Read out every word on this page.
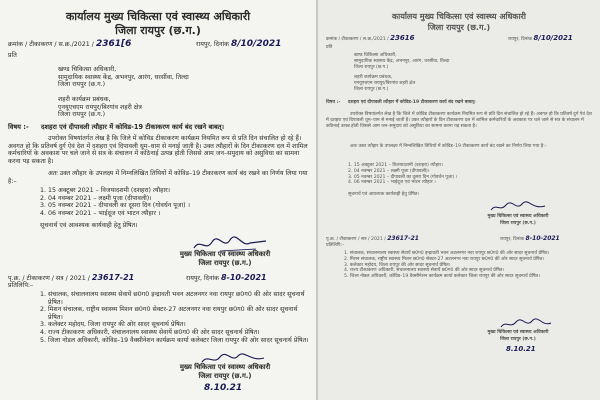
कार्यालय मुख्य चिकित्सा एवं स्वास्थ्य अधिकारी
जिला रायपुर (छ.ग.)
क्रमांक / टीकाकरण / स.क्र./2021 / 2361[6	रायपुर, दिनांक 8/10/2021
प्रति
खण्ड चिकित्सा अधिकारी,
सामुदायिक स्वास्थ्य केंद्र, अभनपुर, आरंग, धरसींवा, तिल्दा
जिला रायपुर (छ.ग.)
शहरी कार्यक्रम प्रबंधक,
एनयूएचएम रायपुर/बिरगांव शहरी क्षेत्र
जिला रायपुर (छ.ग.)
विषय :- दशहरा एवं दीपावली त्यौहार में कोविड-19 टीकाकरण कार्य बंद रखने बाबत्।
उपरोक्त विषयांतर्गत लेख है कि जिले में कोविड टीकाकरण कार्यक्रम नियमित रूप से प्रति दिन संचालित हो रहे हैं। अवगत हो कि प्रतिवर्ष दुर्ग ऐवं देश में दशहरा एवं दिपावली धूम–धाम से मनाई जाती है। उक्त त्यौहारों के दिन टीकाकरण दल में शामिल कर्मचारियों के अवकाश पर चले जाने से सत्र के संचालन में कठिनाई उत्पन्न होती जिससे आम जन–समुदाय को असुविधा का सामना करना पड़ सकता है।
अतः उक्त त्यौहार के उपलक्ष्य में निम्नलिखित तिथियों में कोविड–19 टीकाकरण कार्य बंद रखने का निर्णय लिया गया है:–
1. 15 अक्टूबर 2021 – विजयादशमी (दशहरा) त्यौहार।
2. 04 नवम्बर 2021 – लक्ष्मी पूजा (दीपावली)।
3. 05 नवम्बर 2021 – दीपावली का दूसरा दिन (गोवर्धन पूजा) ।
4. 06 नवम्बर 2021 – भाईदूज एवं भाटन त्यौहार ।
सूचनार्थ एवं आवश्यक कार्यवाही हेतु प्रेषित।
मुख्य चिकित्सा एवं स्वास्थ्य अधिकारी
जिला रायपुर (छ.ग.)
पृ.क्र. / टीकाकरण / सत्र / 2021 / 23617-21	रायपुर, दिनांक 8-10-2021
प्रतिलिपि:–
1. संचालक, संचालनालय स्वास्थ्य सेवायें छ0ग0 इन्द्रावती भवन अटलनगर नवा रायपुर छ0ग0 की ओर सादर सूचनार्थ प्रेषित।
2. मिशन संचालक, राष्ट्रीय स्वास्थ्य मिशन छ0ग0 सेक्टर-27 अटलनगर नवा रायपुर छ0ग0 की ओर सादर सूचनार्थ प्रेषित।
3. कलेक्टर महोदय, जिला रायपुर की ओर सादर सूचनार्थ प्रेषित।
4. राज्य टीकाकरण अधिकारी, संचालनालय स्वास्थ्य सेवायें छ0ग0 की ओर सादर सूचनार्थ प्रेषित।
5. जिला नोडल अधिकारी, कोविड–19 वैक्सीनेशन कार्यक्रम कार्या कलेक्टर जिला रायपुर की ओर सादर सूचनार्थ प्रेषित।
मुख्य चिकित्सा एवं स्वास्थ्य अधिकारी
जिला रायपुर (छ.ग.)
8.10.21
कार्यालय मुख्य चिकित्सा एवं स्वास्थ्य अधिकारी
जिला रायपुर (छ.ग.)
क्रमांक / टीकाकरण / स.क्र./2021 / 23616	रायपुर, दिनांक 8/10/2021
प्रति
खण्ड चिकित्सा अधिकारी,
सामुदायिक स्वास्थ्य केंद्र, अभनपुर, आरंग, धरसींवा, तिल्दा
जिला रायपुर (छ.ग.)
शहरी कार्यक्रम प्रबंधक,
एनयूएचएम रायपुर/बिरगांव शहरी क्षेत्र
जिला रायपुर (छ.ग.)
विषय :- दशहरा एवं दीपावली त्यौहार में कोविड-19 टीकाकरण कार्य बंद रखने बाबत्।
उपरोक्त विषयांतर्गत लेख है कि जिले में कोविड टीकाकरण कार्यक्रम नियमित रूप से प्रति दिन संचालित हो रहे हैं। अवगत हो कि प्रतिवर्ष दुर्ग ऐवं देश में दशहरा एवं दिपावली धूम–धाम से मनाई जाती है। उक्त त्यौहारों के दिन टीकाकरण दल में शामिल कर्मचारियों के अवकाश पर चले जाने से सत्र के संचालन में कठिनाई उत्पन्न होती जिससे आम जन–समुदाय को असुविधा का सामना करना पड़ सकता है।
अतः उक्त त्यौहार के उपलक्ष्य में निम्नलिखित तिथियों में कोविड–19 टीकाकरण कार्य बंद रखने का निर्णय लिया गया है:–
1. 15 अक्टूबर 2021 – विजयादशमी (दशहरा) त्यौहार।
2. 04 नवम्बर 2021 – लक्ष्मी पूजा (दीपावली)।
3. 05 नवम्बर 2021 – दीपावली का दूसरा दिन (गोवर्धन पूजा) ।
4. 06 नवम्बर 2021 – भाईदूज एवं भाटन त्यौहार ।
सूचनार्थ एवं आवश्यक कार्यवाही हेतु प्रेषित।
मुख्य चिकित्सा एवं स्वास्थ्य अधिकारी
जिला रायपुर (छ.ग.)
पृ.क्र. / टीकाकरण / सत्र / 2021 / 23617-21	रायपुर, दिनांक 8-10-2021
प्रतिलिपि:–
1. संचालक, संचालनालय स्वास्थ्य सेवायें छ0ग0 इन्द्रावती भवन अटलनगर नवा रायपुर छ0ग0 की ओर सादर सूचनार्थ प्रेषित।
2. मिशन संचालक, राष्ट्रीय स्वास्थ्य मिशन छ0ग0 सेक्टर-27 अटलनगर नवा रायपुर छ0ग0 की ओर सादर सूचनार्थ प्रेषित।
3. कलेक्टर महोदय, जिला रायपुर की ओर सादर सूचनार्थ प्रेषित।
4. राज्य टीकाकरण अधिकारी, संचालनालय स्वास्थ्य सेवायें छ0ग0 की ओर सादर सूचनार्थ प्रेषित।
5. जिला नोडल अधिकारी, कोविड–19 वैक्सीनेशन कार्यक्रम कार्या कलेक्टर जिला रायपुर की ओर सादर सूचनार्थ प्रेषित।
मुख्य चिकित्सा एवं स्वास्थ्य अधिकारी
जिला रायपुर (छ.ग.)
8.10.21
